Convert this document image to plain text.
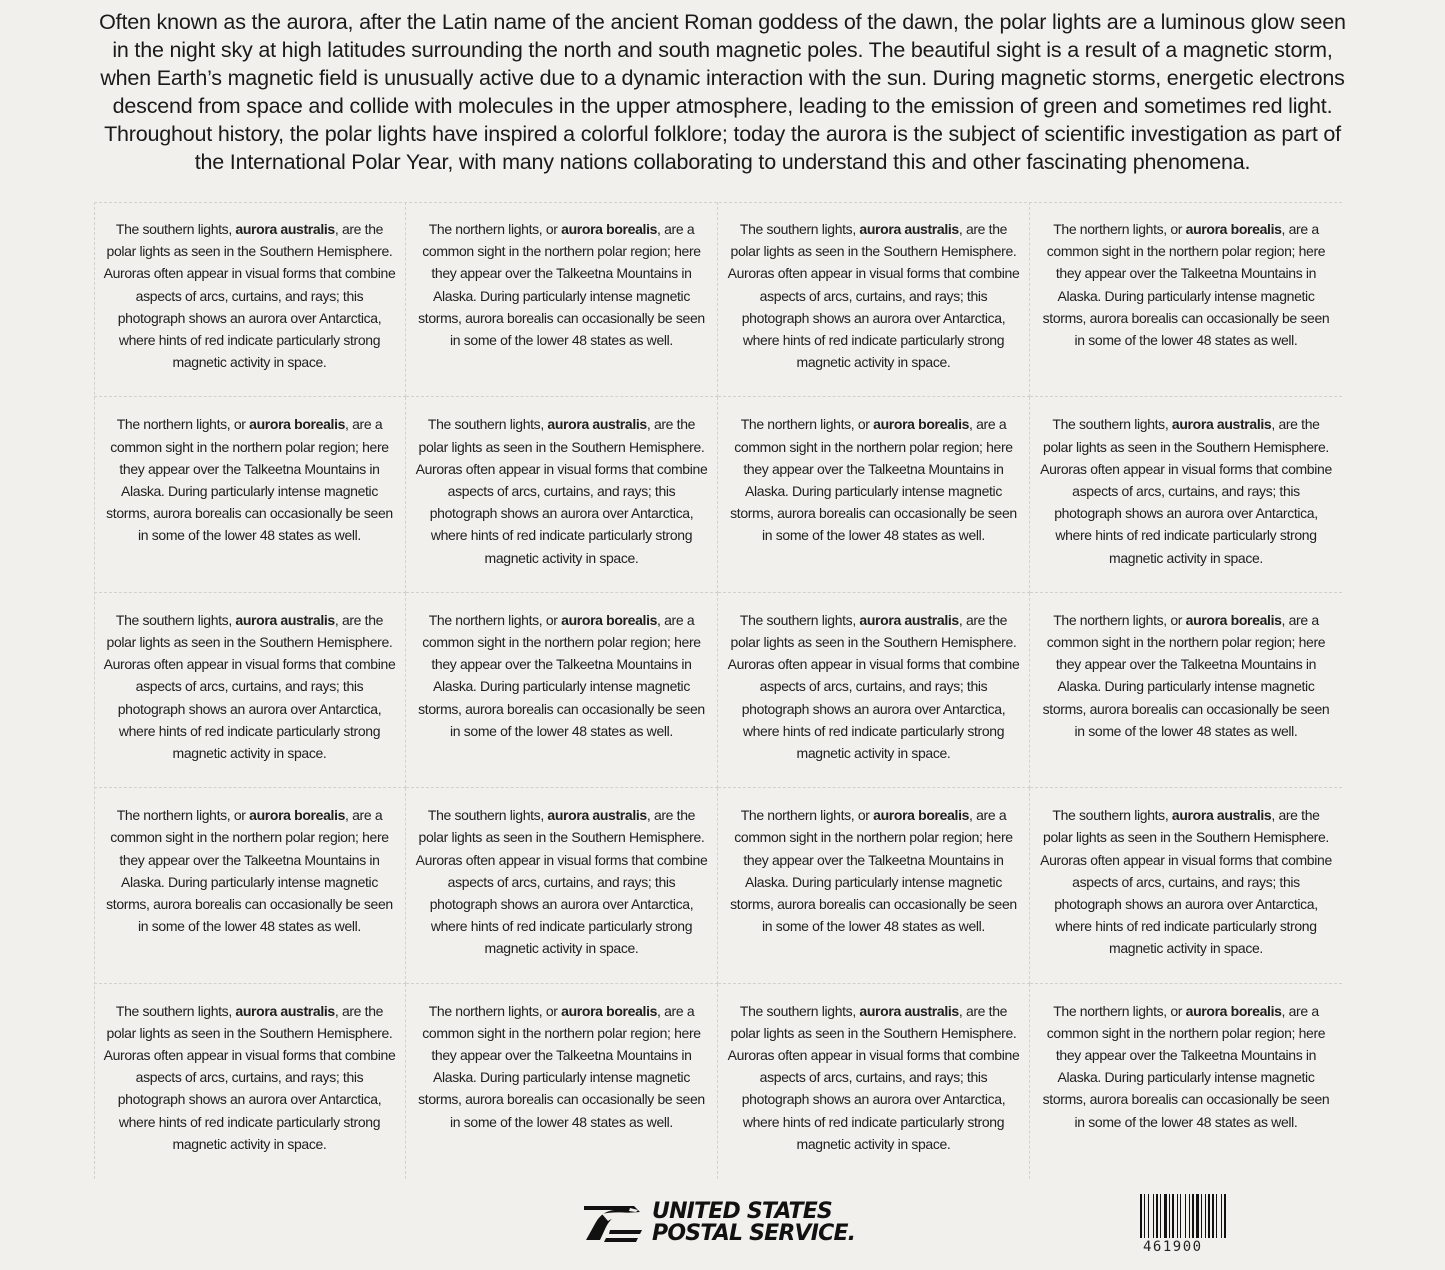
Often known as the aurora, after the Latin name of the ancient Roman goddess of the dawn, the polar lights are a luminous glow seen in the night sky at high latitudes surrounding the north and south magnetic poles. The beautiful sight is a result of a magnetic storm, when Earth’s magnetic field is unusually active due to a dynamic interaction with the sun. During magnetic storms, energetic electrons descend from space and collide with molecules in the upper atmosphere, leading to the emission of green and sometimes red light. Throughout history, the polar lights have inspired a colorful folklore; today the aurora is the subject of scientific investigation as part of the International Polar Year, with many nations collaborating to understand this and other fascinating phenomena.
The southern lights, aurora australis, are the polar lights as seen in the Southern Hemisphere. Auroras often appear in visual forms that combine aspects of arcs, curtains, and rays; this photograph shows an aurora over Antarctica, where hints of red indicate particularly strong magnetic activity in space.
The northern lights, or aurora borealis, are a common sight in the northern polar region; here they appear over the Talkeetna Mountains in Alaska. During particularly intense magnetic storms, aurora borealis can occasionally be seen in some of the lower 48 states as well.
The southern lights, aurora australis, are the polar lights as seen in the Southern Hemisphere. Auroras often appear in visual forms that combine aspects of arcs, curtains, and rays; this photograph shows an aurora over Antarctica, where hints of red indicate particularly strong magnetic activity in space.
The northern lights, or aurora borealis, are a common sight in the northern polar region; here they appear over the Talkeetna Mountains in Alaska. During particularly intense magnetic storms, aurora borealis can occasionally be seen in some of the lower 48 states as well.
The northern lights, or aurora borealis, are a common sight in the northern polar region; here they appear over the Talkeetna Mountains in Alaska. During particularly intense magnetic storms, aurora borealis can occasionally be seen in some of the lower 48 states as well.
The southern lights, aurora australis, are the polar lights as seen in the Southern Hemisphere. Auroras often appear in visual forms that combine aspects of arcs, curtains, and rays; this photograph shows an aurora over Antarctica, where hints of red indicate particularly strong magnetic activity in space.
The northern lights, or aurora borealis, are a common sight in the northern polar region; here they appear over the Talkeetna Mountains in Alaska. During particularly intense magnetic storms, aurora borealis can occasionally be seen in some of the lower 48 states as well.
The southern lights, aurora australis, are the polar lights as seen in the Southern Hemisphere. Auroras often appear in visual forms that combine aspects of arcs, curtains, and rays; this photograph shows an aurora over Antarctica, where hints of red indicate particularly strong magnetic activity in space.
The southern lights, aurora australis, are the polar lights as seen in the Southern Hemisphere. Auroras often appear in visual forms that combine aspects of arcs, curtains, and rays; this photograph shows an aurora over Antarctica, where hints of red indicate particularly strong magnetic activity in space.
The northern lights, or aurora borealis, are a common sight in the northern polar region; here they appear over the Talkeetna Mountains in Alaska. During particularly intense magnetic storms, aurora borealis can occasionally be seen in some of the lower 48 states as well.
The southern lights, aurora australis, are the polar lights as seen in the Southern Hemisphere. Auroras often appear in visual forms that combine aspects of arcs, curtains, and rays; this photograph shows an aurora over Antarctica, where hints of red indicate particularly strong magnetic activity in space.
The northern lights, or aurora borealis, are a common sight in the northern polar region; here they appear over the Talkeetna Mountains in Alaska. During particularly intense magnetic storms, aurora borealis can occasionally be seen in some of the lower 48 states as well.
The northern lights, or aurora borealis, are a common sight in the northern polar region; here they appear over the Talkeetna Mountains in Alaska. During particularly intense magnetic storms, aurora borealis can occasionally be seen in some of the lower 48 states as well.
The southern lights, aurora australis, are the polar lights as seen in the Southern Hemisphere. Auroras often appear in visual forms that combine aspects of arcs, curtains, and rays; this photograph shows an aurora over Antarctica, where hints of red indicate particularly strong magnetic activity in space.
The northern lights, or aurora borealis, are a common sight in the northern polar region; here they appear over the Talkeetna Mountains in Alaska. During particularly intense magnetic storms, aurora borealis can occasionally be seen in some of the lower 48 states as well.
The southern lights, aurora australis, are the polar lights as seen in the Southern Hemisphere. Auroras often appear in visual forms that combine aspects of arcs, curtains, and rays; this photograph shows an aurora over Antarctica, where hints of red indicate particularly strong magnetic activity in space.
The southern lights, aurora australis, are the polar lights as seen in the Southern Hemisphere. Auroras often appear in visual forms that combine aspects of arcs, curtains, and rays; this photograph shows an aurora over Antarctica, where hints of red indicate particularly strong magnetic activity in space.
The northern lights, or aurora borealis, are a common sight in the northern polar region; here they appear over the Talkeetna Mountains in Alaska. During particularly intense magnetic storms, aurora borealis can occasionally be seen in some of the lower 48 states as well.
The southern lights, aurora australis, are the polar lights as seen in the Southern Hemisphere. Auroras often appear in visual forms that combine aspects of arcs, curtains, and rays; this photograph shows an aurora over Antarctica, where hints of red indicate particularly strong magnetic activity in space.
The northern lights, or aurora borealis, are a common sight in the northern polar region; here they appear over the Talkeetna Mountains in Alaska. During particularly intense magnetic storms, aurora borealis can occasionally be seen in some of the lower 48 states as well.
UNITED STATES
POSTAL SERVICE.
461900
